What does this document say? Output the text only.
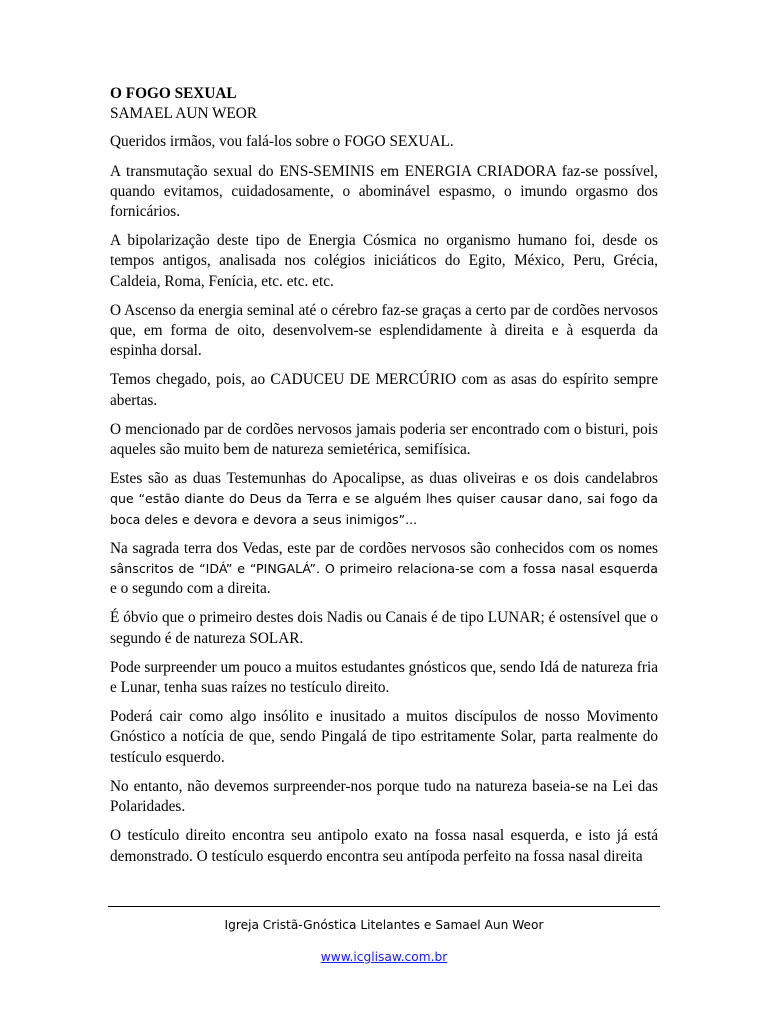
O FOGO SEXUAL

SAMAEL AUN WEOR

Queridos irmãos, vou falá-los sobre o FOGO SEXUAL.

A transmutação sexual do ENS-SEMINIS em ENERGIA CRIADORA faz-se possível, quando evitamos, cuidadosamente, o abominável espasmo, o imundo orgasmo dos fornicários.

A bipolarização deste tipo de Energia Cósmica no organismo humano foi, desde os tempos antigos, analisada nos colégios iniciáticos do Egito, México, Peru, Grécia, Caldeia, Roma, Fenícia, etc. etc. etc.

O Ascenso da energia seminal até o cérebro faz-se graças a certo par de cordões nervosos que, em forma de oito, desenvolvem-se esplendidamente à direita e à esquerda da espinha dorsal.

Temos chegado, pois, ao CADUCEU DE MERCÚRIO com as asas do espírito sempre abertas.

O mencionado par de cordões nervosos jamais poderia ser encontrado com o bisturi, pois aqueles são muito bem de natureza semietérica, semifísica.

Estes são as duas Testemunhas do Apocalipse, as duas oliveiras e os dois candelabros que “estão diante do Deus da Terra e se alguém lhes quiser causar dano, sai fogo da boca deles e devora e devora a seus inimigos”...

Na sagrada terra dos Vedas, este par de cordões nervosos são conhecidos com os nomes sânscritos de “IDÁ” e “PINGALÁ”. O primeiro relaciona-se com a fossa nasal esquerda e o segundo com a direita.

É óbvio que o primeiro destes dois Nadis ou Canais é de tipo LUNAR; é ostensível que o segundo é de natureza SOLAR.

Pode surpreender um pouco a muitos estudantes gnósticos que, sendo Idá de natureza fria e Lunar, tenha suas raízes no testículo direito.

Poderá cair como algo insólito e inusitado a muitos discípulos de nosso Movimento Gnóstico a notícia de que, sendo Pingalá de tipo estritamente Solar, parta realmente do testículo esquerdo.

No entanto, não devemos surpreender-nos porque tudo na natureza baseia-se na Lei das Polaridades.

O testículo direito encontra seu antipolo exato na fossa nasal esquerda, e isto já está demonstrado. O testículo esquerdo encontra seu antípoda perfeito na fossa nasal direita

Igreja Cristã-Gnóstica Litelantes e Samael Aun Weor
www.icglisaw.com.br
